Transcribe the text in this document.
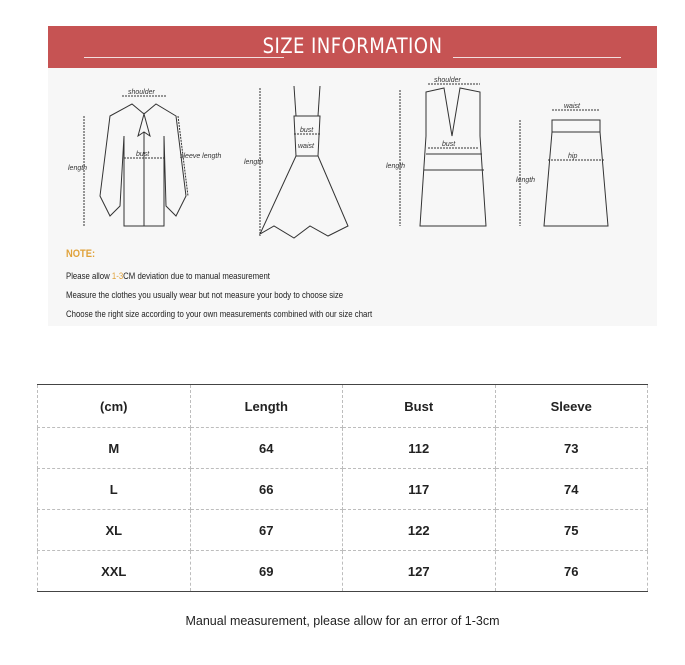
SIZE INFORMATION
shoulder
bust	sleeve length
length
bust
waist
length
shoulder
bust
length
waist
hip
length
NOTE:
Please allow 1-3CM deviation due to manual measurement
Measure the clothes you usually wear but not measure your body to choose size
Choose the right size according to your own measurements combined with our size chart
(cm)	Length	Bust	Sleeve
M	64	112	73
L	66	117	74
XL	67	122	75
XXL	69	127	76
Manual measurement, please allow for an error of 1-3cm
